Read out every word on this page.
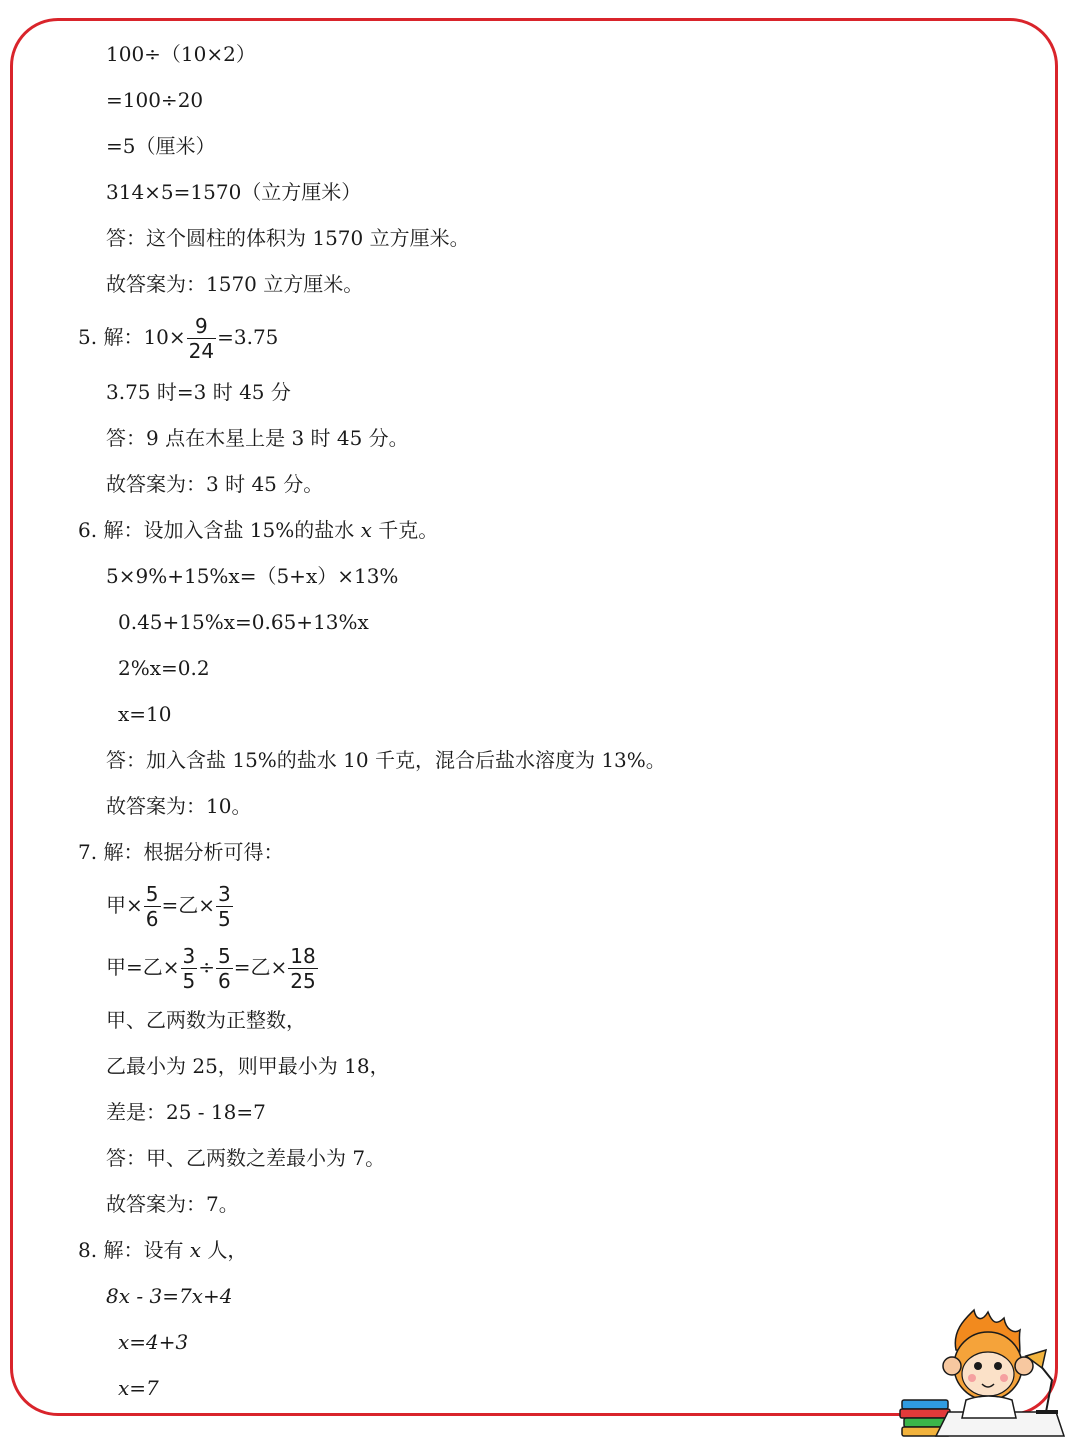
100÷（10×2）
=100÷20
=5（厘米）
314×5=1570（立方厘米）
答：这个圆柱的体积为 1570 立方厘米。
故答案为：1570 立方厘米。
5. 解：$10\times \frac{9}{24} =3.75$
3.75 时=3 时 45 分
答：9 点在木星上是 3 时 45 分。
故答案为：3 时 45 分。
6. 解：设加入含盐 15%的盐水 x 千克。
5×9%+15%x=（5+x）×13%
0.45+15%x=0.65+13%x
2%x=0.2
x=10
答：加入含盐 15%的盐水 10 千克，混合后盐水溶度为 13%。
故答案为：10。
7. 解：根据分析可得：
甲× $\frac{5}{6}$ =乙× $\frac{3}{5}$
甲=乙× $\frac{3}{5} \div \frac{5}{6}$ =乙× $\frac{18}{25}$
甲、乙两数为正整数，
乙最小为 25，则甲最小为 18，
差是：25 - 18=7
答：甲、乙两数之差最小为 7。
故答案为：7。
8. 解：设有 x 人，
8x - 3=7x+4
x=4+3
x=7
